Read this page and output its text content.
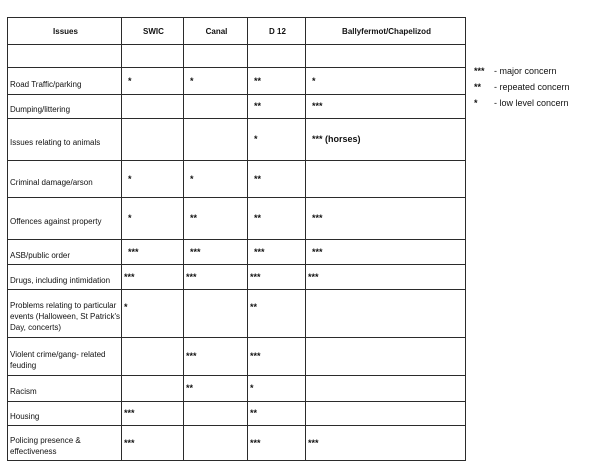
Issues	SWIC	Canal	D 12	Ballyfermot/Chapelizod

Road Traffic/parking	*	*	**	*

Dumping/littering			**	***

Issues relating to animals			*	*** (horses)

Criminal damage/arson	*	*	**	

Offences against property	*	**	**	***

ASB/public order	***	***	***	***

Drugs, including intimidation	***	***	***	***

Problems relating to particular events (Halloween, St Patrick's Day, concerts)	*		**	

Violent crime/gang- related feuding		***	***	

Racism		**	*	

Housing	***		**	

Policing presence & effectiveness	***		***	***
***	- major concern
**	- repeated concern
*	- low level concern
